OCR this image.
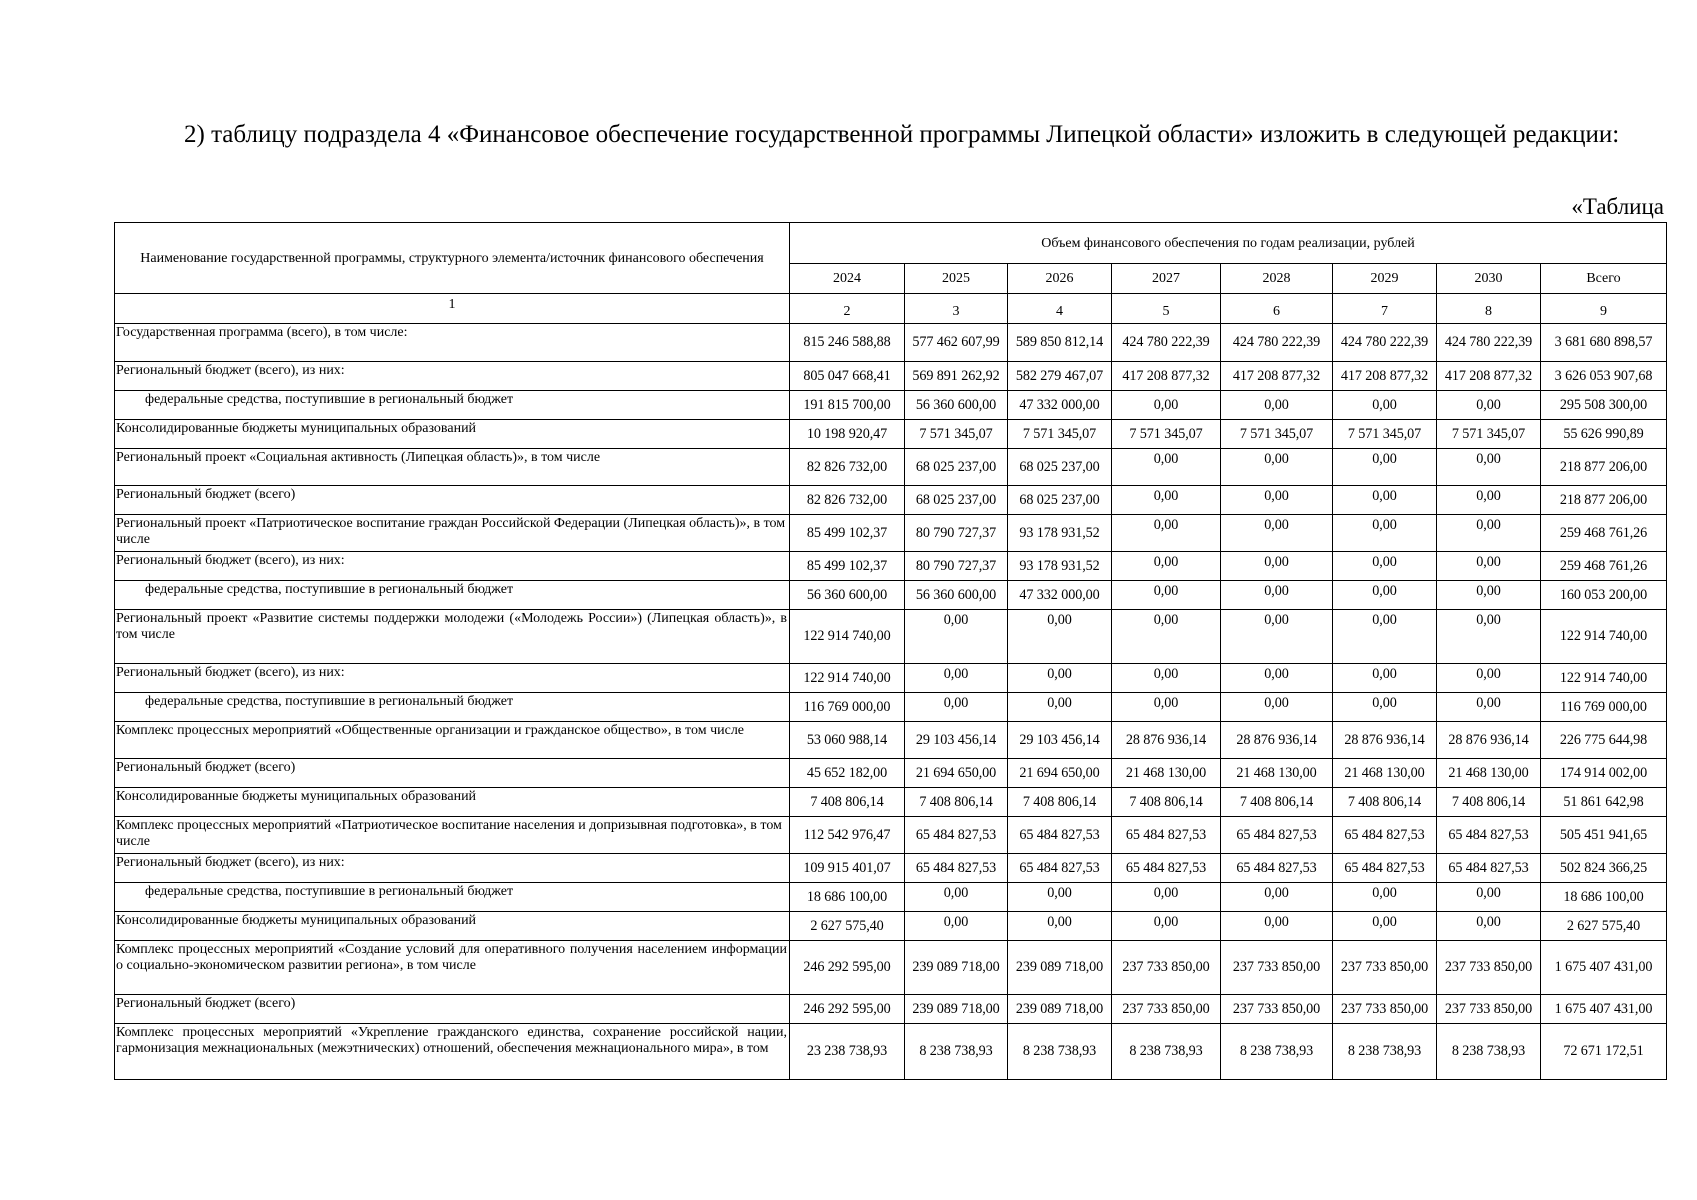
2) таблицу подраздела 4 «Финансовое обеспечение государственной программы Липецкой области» изложить в следующей редакции:
«Таблица
Наименование государственной программы, структурного элемента/источник финансового обеспечения	Объем финансового обеспечения по годам реализации, рублей							
	2024	2025	2026	2027	2028	2029	2030	Всего
1	2	3	4	5	6	7	8	9
Государственная программа (всего), в том числе:	815 246 588,88	577 462 607,99	589 850 812,14	424 780 222,39	424 780 222,39	424 780 222,39	424 780 222,39	3 681 680 898,57
Региональный бюджет (всего), из них:	805 047 668,41	569 891 262,92	582 279 467,07	417 208 877,32	417 208 877,32	417 208 877,32	417 208 877,32	3 626 053 907,68
федеральные средства, поступившие в региональный бюджет	191 815 700,00	56 360 600,00	47 332 000,00	0,00	0,00	0,00	0,00	295 508 300,00
Консолидированные бюджеты муниципальных образований	10 198 920,47	7 571 345,07	7 571 345,07	7 571 345,07	7 571 345,07	7 571 345,07	7 571 345,07	55 626 990,89
Региональный проект «Социальная активность (Липецкая область)», в том числе	82 826 732,00	68 025 237,00	68 025 237,00	0,00	0,00	0,00	0,00	218 877 206,00
Региональный бюджет (всего)	82 826 732,00	68 025 237,00	68 025 237,00	0,00	0,00	0,00	0,00	218 877 206,00
Региональный проект «Патриотическое воспитание граждан Российской Федерации (Липецкая область)», в том числе	85 499 102,37	80 790 727,37	93 178 931,52	0,00	0,00	0,00	0,00	259 468 761,26
Региональный бюджет (всего), из них:	85 499 102,37	80 790 727,37	93 178 931,52	0,00	0,00	0,00	0,00	259 468 761,26
федеральные средства, поступившие в региональный бюджет	56 360 600,00	56 360 600,00	47 332 000,00	0,00	0,00	0,00	0,00	160 053 200,00
Региональный проект «Развитие системы поддержки молодежи («Молодежь России») (Липецкая область)», в том числе	122 914 740,00	0,00	0,00	0,00	0,00	0,00	0,00	122 914 740,00
Региональный бюджет (всего), из них:	122 914 740,00	0,00	0,00	0,00	0,00	0,00	0,00	122 914 740,00
федеральные средства, поступившие в региональный бюджет	116 769 000,00	0,00	0,00	0,00	0,00	0,00	0,00	116 769 000,00
Комплекс процессных мероприятий «Общественные организации и гражданское общество», в том числе	53 060 988,14	29 103 456,14	29 103 456,14	28 876 936,14	28 876 936,14	28 876 936,14	28 876 936,14	226 775 644,98
Региональный бюджет (всего)	45 652 182,00	21 694 650,00	21 694 650,00	21 468 130,00	21 468 130,00	21 468 130,00	21 468 130,00	174 914 002,00
Консолидированные бюджеты муниципальных образований	7 408 806,14	7 408 806,14	7 408 806,14	7 408 806,14	7 408 806,14	7 408 806,14	7 408 806,14	51 861 642,98
Комплекс процессных мероприятий «Патриотическое воспитание населения и допризывная подготовка», в том числе	112 542 976,47	65 484 827,53	65 484 827,53	65 484 827,53	65 484 827,53	65 484 827,53	65 484 827,53	505 451 941,65
Региональный бюджет (всего), из них:	109 915 401,07	65 484 827,53	65 484 827,53	65 484 827,53	65 484 827,53	65 484 827,53	65 484 827,53	502 824 366,25
федеральные средства, поступившие в региональный бюджет	18 686 100,00	0,00	0,00	0,00	0,00	0,00	0,00	18 686 100,00
Консолидированные бюджеты муниципальных образований	2 627 575,40	0,00	0,00	0,00	0,00	0,00	0,00	2 627 575,40
Комплекс процессных мероприятий «Создание условий для оперативного получения населением информации о социально-экономическом развитии региона», в том числе	246 292 595,00	239 089 718,00	239 089 718,00	237 733 850,00	237 733 850,00	237 733 850,00	237 733 850,00	1 675 407 431,00
Региональный бюджет (всего)	246 292 595,00	239 089 718,00	239 089 718,00	237 733 850,00	237 733 850,00	237 733 850,00	237 733 850,00	1 675 407 431,00
Комплекс процессных мероприятий «Укрепление гражданского единства, сохранение российской нации, гармонизация межнациональных (межэтнических) отношений, обеспечения межнационального мира», в том	23 238 738,93	8 238 738,93	8 238 738,93	8 238 738,93	8 238 738,93	8 238 738,93	8 238 738,93	72 671 172,51
